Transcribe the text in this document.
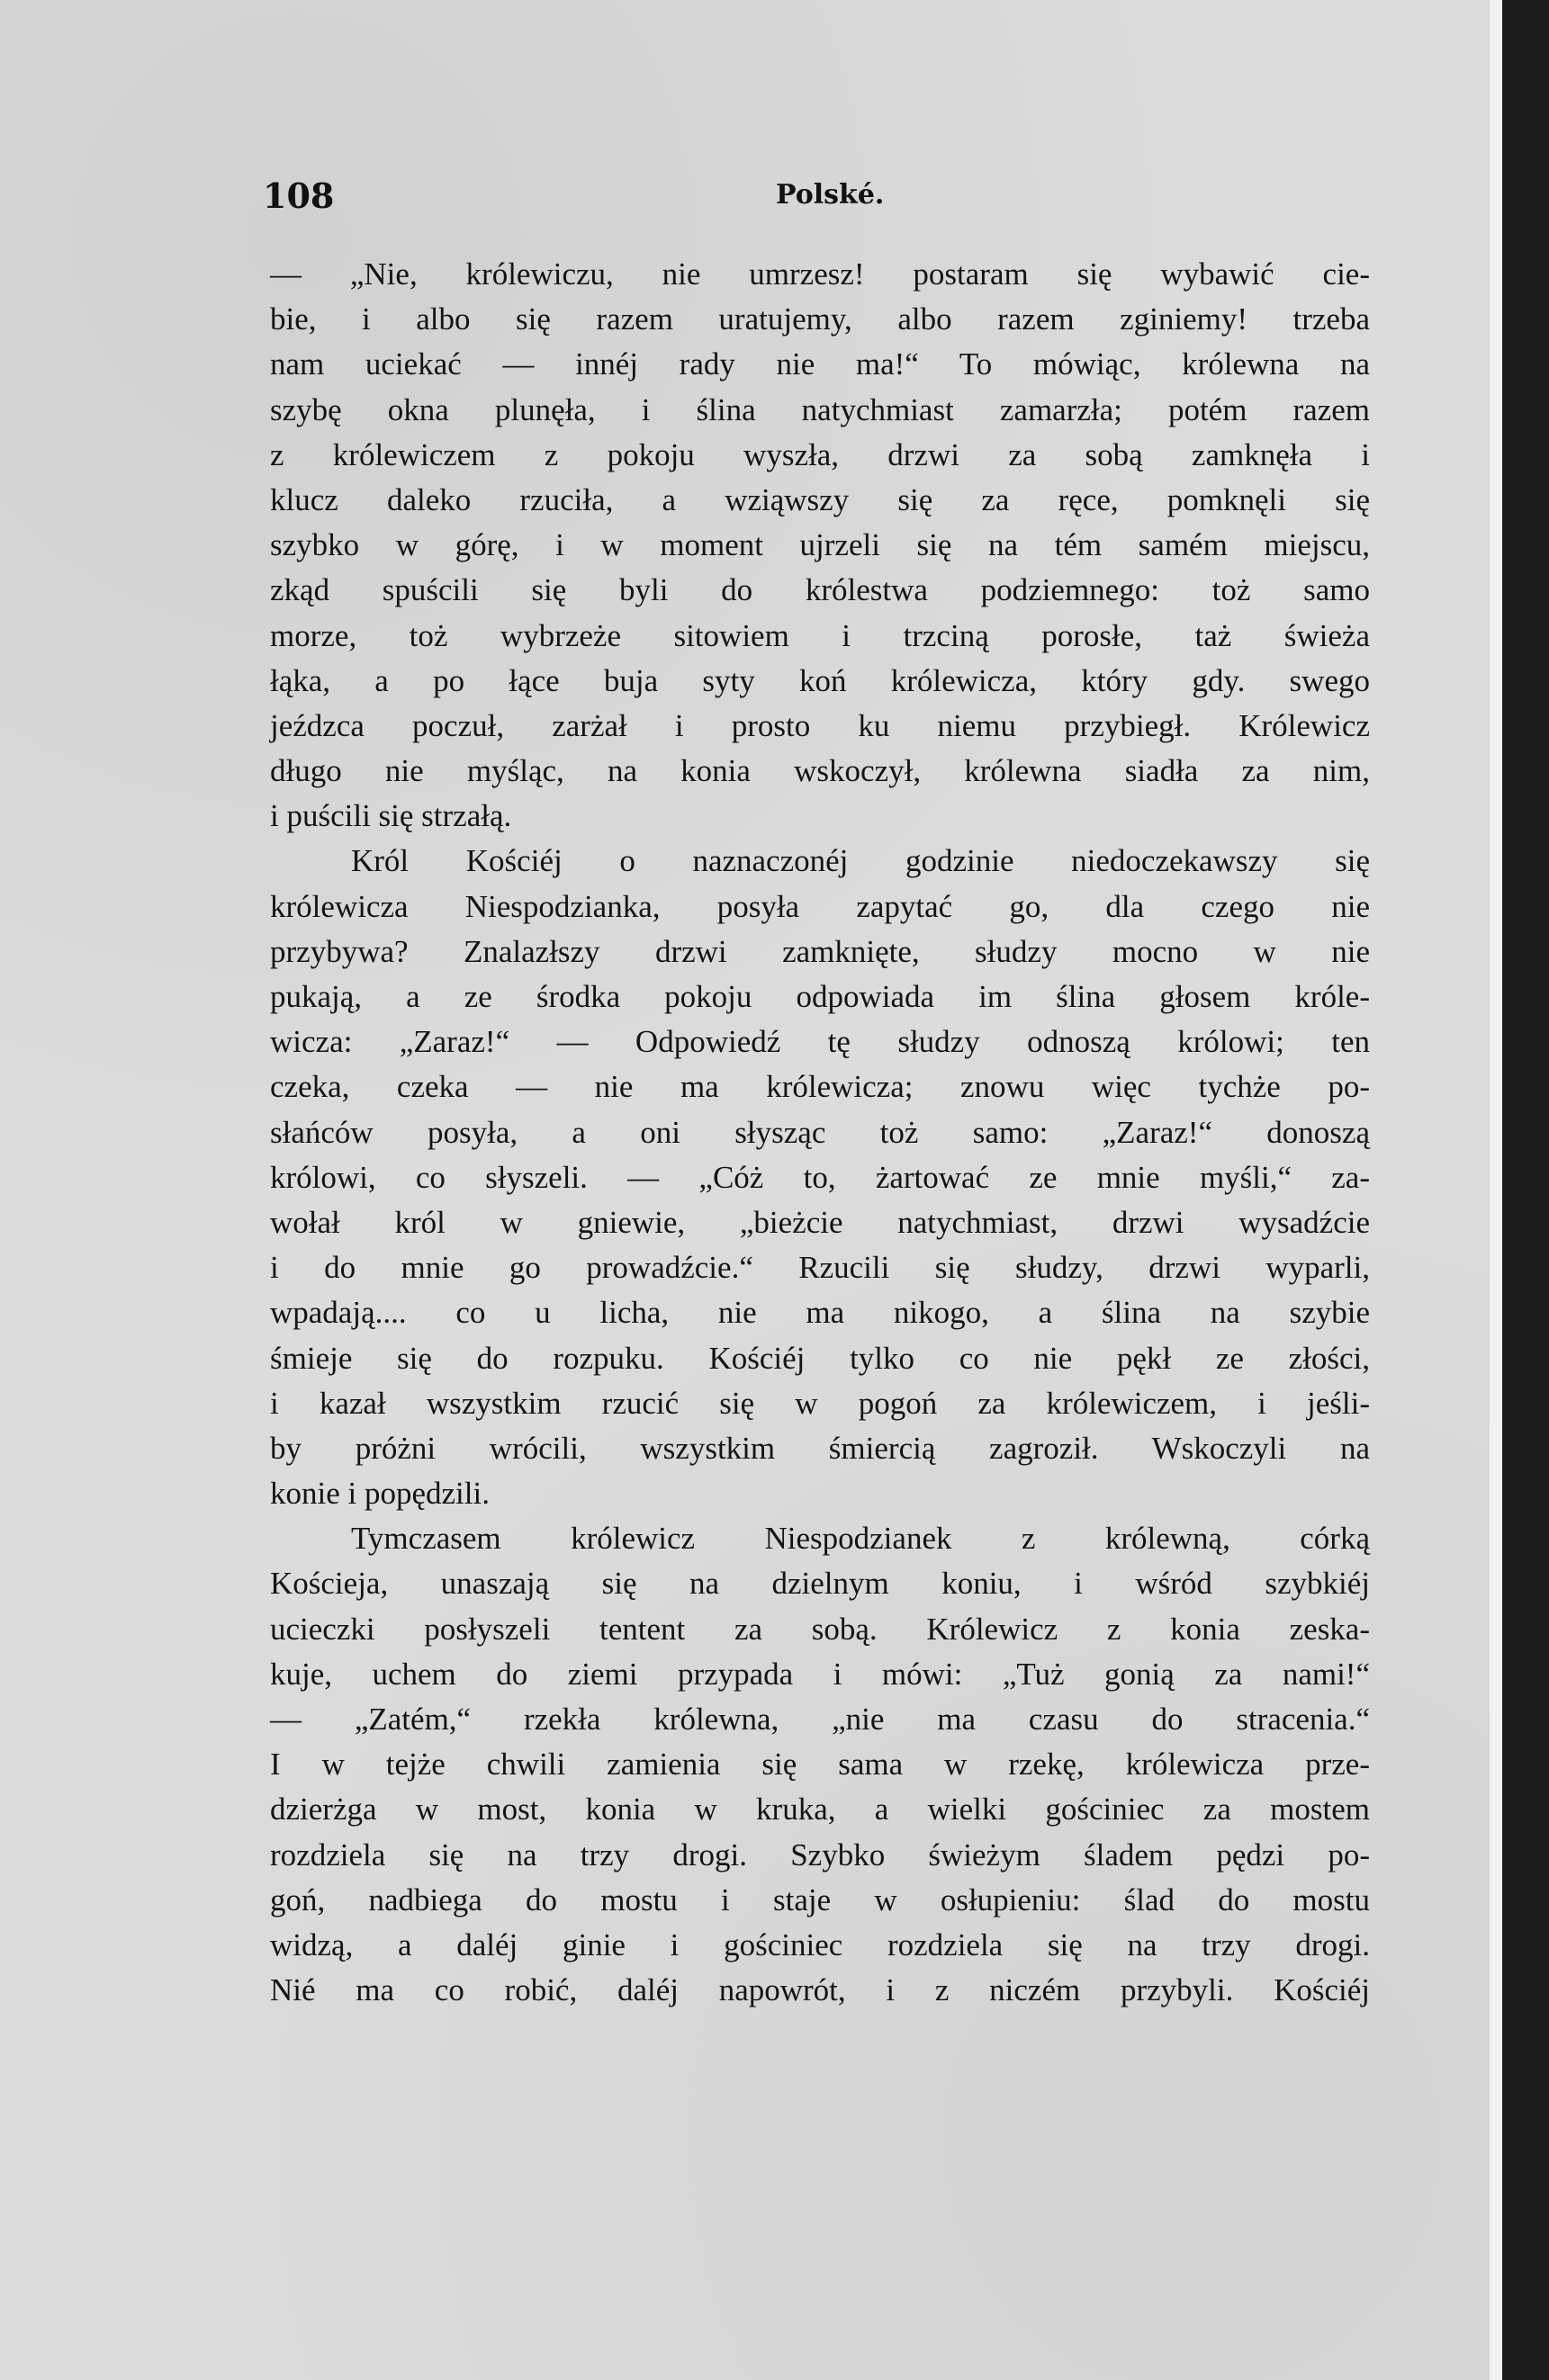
108	Polské.
— „Nie, królewiczu, nie umrzesz! postaram się wybawić cie-
bie, i albo się razem uratujemy, albo razem zginiemy! trzeba
nam uciekać — innéj rady nie ma!“ To mówiąc, królewna na
szybę okna plunęła, i ślina natychmiast zamarzła; potém razem
z królewiczem z pokoju wyszła, drzwi za sobą zamknęła i
klucz daleko rzuciła, a wziąwszy się za ręce, pomknęli się
szybko w górę, i w moment ujrzeli się na tém samém miejscu,
zkąd spuścili się byli do królestwa podziemnego: toż samo
morze, toż wybrzeże sitowiem i trzciną porosłe, taż świeża
łąka, a po łące buja syty koń królewicza, który gdy. swego
jeźdzca poczuł, zarżał i prosto ku niemu przybiegł. Królewicz
długo nie myśląc, na konia wskoczył, królewna siadła za nim,
i puścili się strzałą.
Król Kościéj o naznaczonéj godzinie niedoczekawszy się
królewicza Niespodzianka, posyła zapytać go, dla czego nie
przybywa? Znalazłszy drzwi zamknięte, słudzy mocno w nie
pukają, a ze środka pokoju odpowiada im ślina głosem króle-
wicza: „Zaraz!“ — Odpowiedź tę słudzy odnoszą królowi; ten
czeka, czeka — nie ma królewicza; znowu więc tychże po-
słańców posyła, a oni słysząc toż samo: „Zaraz!“ donoszą
królowi, co słyszeli. — „Cóż to, żartować ze mnie myśli,“ za-
wołał król w gniewie, „bieżcie natychmiast, drzwi wysadźcie
i do mnie go prowadźcie.“ Rzucili się słudzy, drzwi wyparli,
wpadają.... co u licha, nie ma nikogo, a ślina na szybie
śmieje się do rozpuku. Kościéj tylko co nie pękł ze złości,
i kazał wszystkim rzucić się w pogoń za królewiczem, i jeśli-
by próżni wrócili, wszystkim śmiercią zagroził. Wskoczyli na
konie i popędzili.
Tymczasem królewicz Niespodzianek z królewną, córką
Kościeja, unaszają się na dzielnym koniu, i wśród szybkiéj
ucieczki posłyszeli tentent za sobą. Królewicz z konia zeska-
kuje, uchem do ziemi przypada i mówi: „Tuż gonią za nami!“
— „Zatém,“ rzekła królewna, „nie ma czasu do stracenia.“
I w tejże chwili zamienia się sama w rzekę, królewicza prze-
dzierżga w most, konia w kruka, a wielki gościniec za mostem
rozdziela się na trzy drogi. Szybko świeżym śladem pędzi po-
goń, nadbiega do mostu i staje w osłupieniu: ślad do mostu
widzą, a daléj ginie i gościniec rozdziela się na trzy drogi.
Nié ma co robić, daléj napowrót, i z niczém przybyli. Kościéj
